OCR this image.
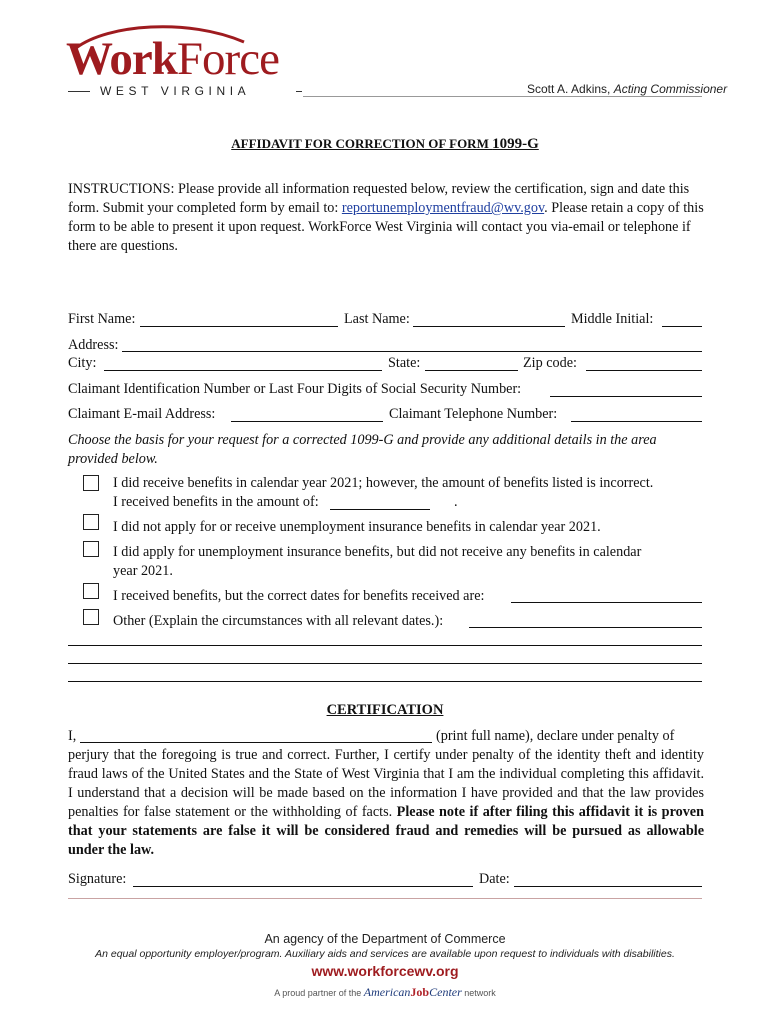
WorkForce
WEST VIRGINIA	Scott A. Adkins, Acting Commissioner
AFFIDAVIT FOR CORRECTION OF FORM 1099-G
INSTRUCTIONS: Please provide all information requested below, review the certification, sign and date this form. Submit your completed form by email to: reportunemploymentfraud@wv.gov. Please retain a copy of this form to be able to present it upon request. WorkForce West Virginia will contact you via-email or telephone if there are questions.
First Name:	Last Name:	Middle Initial:
Address:
City:	State:	Zip code:
Claimant Identification Number or Last Four Digits of Social Security Number:
Claimant E-mail Address:	Claimant Telephone Number:
Choose the basis for your request for a corrected 1099-G and provide any additional details in the area provided below.
I did receive benefits in calendar year 2021; however, the amount of benefits listed is incorrect.
I received benefits in the amount of:	.
I did not apply for or receive unemployment insurance benefits in calendar year 2021.
I did apply for unemployment insurance benefits, but did not receive any benefits in calendar
year 2021.
I received benefits, but the correct dates for benefits received are:
Other (Explain the circumstances with all relevant dates.):
CERTIFICATION
I,	(print full name), declare under penalty of
perjury that the foregoing is true and correct. Further, I certify under penalty of the identity theft and identity fraud laws of the United States and the State of West Virginia that I am the individual completing this affidavit. I understand that a decision will be made based on the information I have provided and that the law provides penalties for false statement or the withholding of facts. Please note if after filing this affidavit it is proven that your statements are false it will be considered fraud and remedies will be pursued as allowable under the law.
Signature:	Date:
An agency of the Department of Commerce
An equal opportunity employer/program. Auxiliary aids and services are available upon request to individuals with disabilities.
www.workforcewv.org
A proud partner of the AmericanJobCenter network
